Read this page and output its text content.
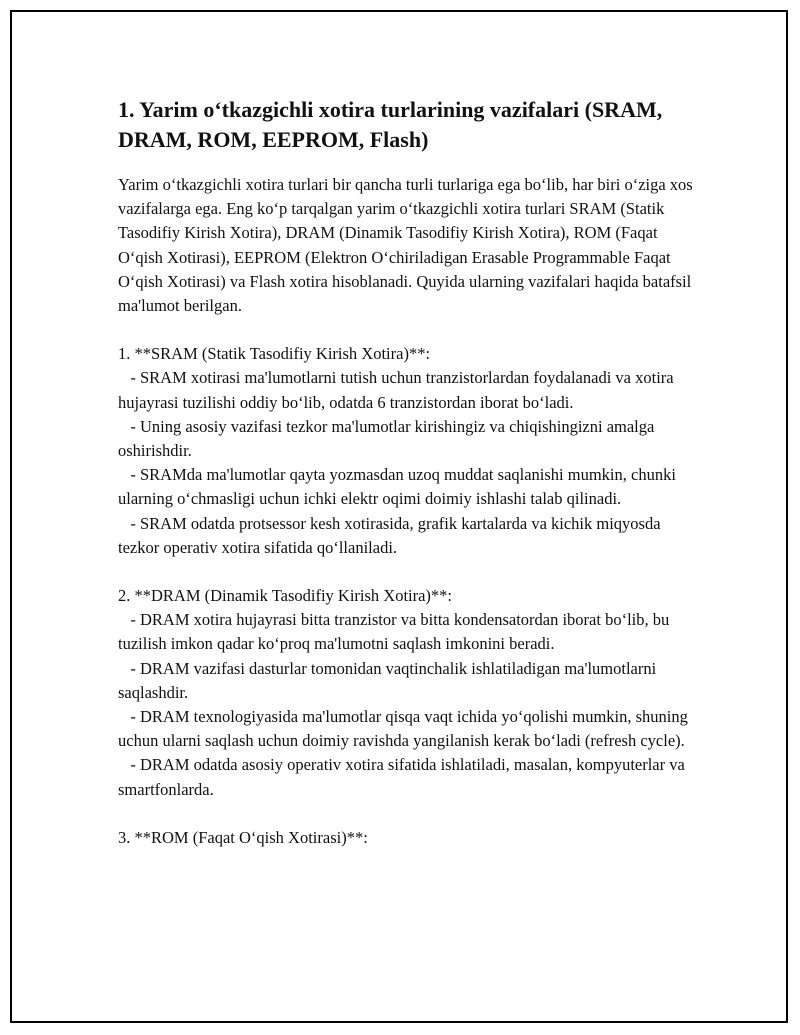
1. Yarim oʻtkazgichli xotira turlarining vazifalari (SRAM, DRAM, ROM, EEPROM, Flash)

Yarim oʻtkazgichli xotira turlari bir qancha turli turlariga ega boʻlib, har biri oʻziga xos vazifalarga ega. Eng koʻp tarqalgan yarim oʻtkazgichli xotira turlari SRAM (Statik Tasodifiy Kirish Xotira), DRAM (Dinamik Tasodifiy Kirish Xotira), ROM (Faqat Oʻqish Xotirasi), EEPROM (Elektron Oʻchiriladigan Erasable Programmable Faqat Oʻqish Xotirasi) va Flash xotira hisoblanadi. Quyida ularning vazifalari haqida batafsil ma'lumot berilgan.

1. **SRAM (Statik Tasodifiy Kirish Xotira)**:

- SRAM xotirasi ma'lumotlarni tutish uchun tranzistorlardan foydalanadi va xotira hujayrasi tuzilishi oddiy boʻlib, odatda 6 tranzistordan iborat boʻladi.

- Uning asosiy vazifasi tezkor ma'lumotlar kirishingiz va chiqishingizni amalga oshirishdir.

- SRAMda ma'lumotlar qayta yozmasdan uzoq muddat saqlanishi mumkin, chunki ularning oʻchmasligi uchun ichki elektr oqimi doimiy ishlashi talab qilinadi.

- SRAM odatda protsessor kesh xotirasida, grafik kartalarda va kichik miqyosda tezkor operativ xotira sifatida qoʻllaniladi.

2. **DRAM (Dinamik Tasodifiy Kirish Xotira)**:

- DRAM xotira hujayrasi bitta tranzistor va bitta kondensatordan iborat boʻlib, bu tuzilish imkon qadar koʻproq ma'lumotni saqlash imkonini beradi.

- DRAM vazifasi dasturlar tomonidan vaqtinchalik ishlatiladigan ma'lumotlarni saqlashdir.

- DRAM texnologiyasida ma'lumotlar qisqa vaqt ichida yoʻqolishi mumkin, shuning uchun ularni saqlash uchun doimiy ravishda yangilanish kerak boʻladi (refresh cycle).

- DRAM odatda asosiy operativ xotira sifatida ishlatiladi, masalan, kompyuterlar va smartfonlarda.

3. **ROM (Faqat Oʻqish Xotirasi)**:
